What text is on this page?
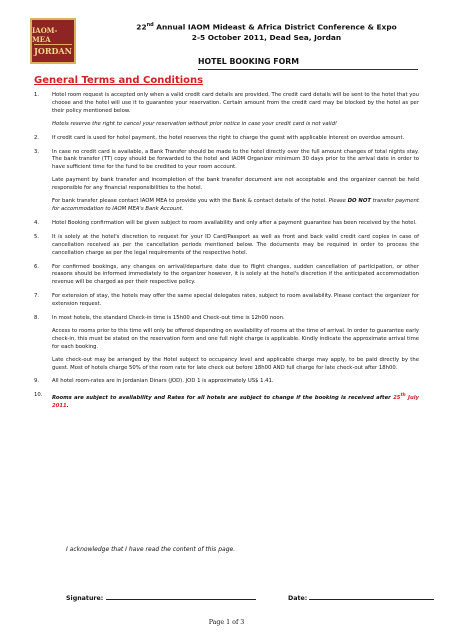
IAOM-MEA
JORDAN
22nd Annual IAOM Mideast & Africa District Conference & Expo
2-5 October 2011, Dead Sea, Jordan
HOTEL BOOKING FORM
General Terms and Conditions
1. Hotel room request is accepted only when a valid credit card details are provided. The credit card details will be sent to the hotel that you choose and the hotel will use it to guarantee your reservation. Certain amount from the credit card may be blocked by the hotel as per their policy mentioned below.
Hotels reserve the right to cancel your reservation without prior notice in case your credit card is not valid!
2. If credit card is used for hotel payment, the hotel reserves the right to charge the guest with applicable interest on overdue amount.
3. In case no credit card is available, a Bank Transfer should be made to the hotel directly over the full amount changes of total nights stay. The bank transfer (TT) copy should be forwarded to the hotel and IAOM Organizer minimum 30 days prior to the arrival date in order to have sufficient time for the fund to be credited to your room account.
Late payment by bank transfer and incompletion of the bank transfer document are not acceptable and the organizer cannot be held responsible for any financial responsibilities to the hotel.
For bank transfer please contact IAOM MEA to provide you with the Bank & contact details of the hotel. Please DO NOT transfer payment for accommodation to IAOM MEA's Bank Account.
4. Hotel Booking confirmation will be given subject to room availability and only after a payment guarantee has been received by the hotel.
5. It is solely at the hotel's discretion to request for your ID Card/Passport as well as front and back valid credit card copies in case of cancellation received as per the cancellation periods mentioned below. The documents may be required in order to process the cancellation charge as per the legal requirements of the respective hotel.
6. For confirmed bookings, any changes on arrival/departure date due to flight changes, sudden cancellation of participation, or other reasons should be informed immediately to the organizer however, it is solely at the hotel's discretion if the anticipated accommodation revenue will be charged as per their respective policy.
7. For extension of stay, the hotels may offer the same special delegates rates, subject to room availability. Please contact the organizer for extension request.
8. In most hotels, the standard Check-in time is 15h00 and Check-out time is 12h00 noon.
Access to rooms prior to this time will only be offered depending on availability of rooms at the time of arrival. In order to guarantee early check-in, this must be stated on the reservation form and one full night charge is applicable. Kindly indicate the approximate arrival time for each booking.
Late check-out may be arranged by the Hotel subject to occupancy level and applicable charge may apply, to be paid directly by the guest. Most of hotels charge 50% of the room rate for late check out before 18h00 AND full charge for late check-out after 18h00.
9. All hotel room-rates are in Jordanian Dinars (JOD). JOD 1 is approximately US$ 1.41.
10. Rooms are subject to availability and Rates for all hotels are subject to change if the booking is received after 25th July 2011.
I acknowledge that I have read the content of this page.
Signature:	Date:
Page 1 of 3
